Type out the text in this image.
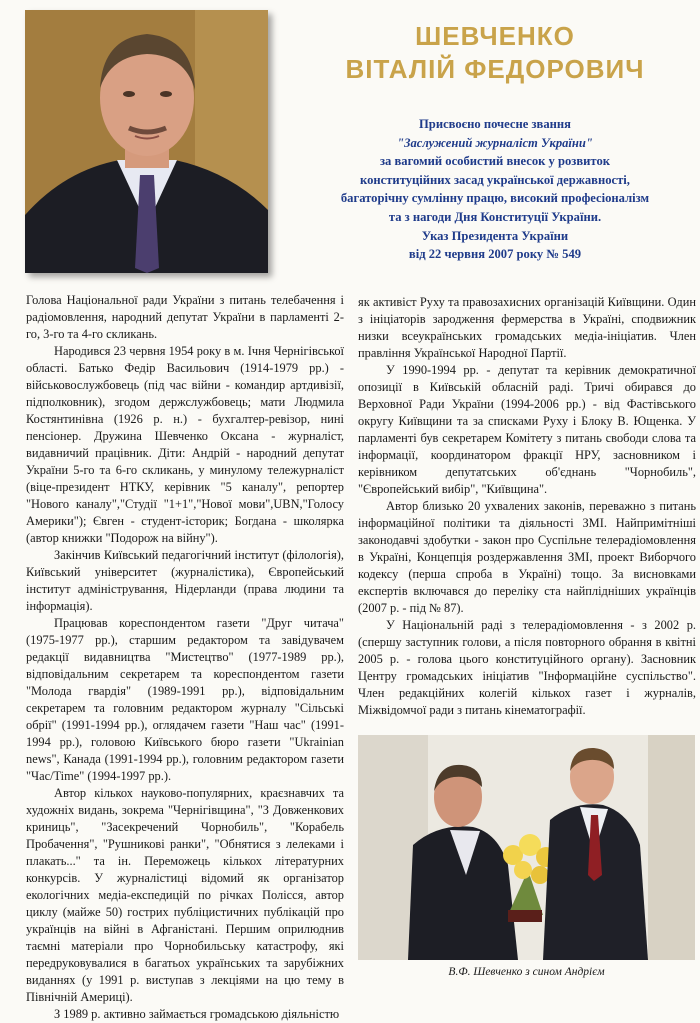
ШЕВЧЕНКО
ВІТАЛІЙ ФЕДОРОВИЧ
Присвоєно почесне звання
"Заслужений журналіст України"
за вагомий особистий внесок у розвиток
конституційних засад української державності,
багаторічну сумлінну працю, високий професіоналізм
та з нагоди Дня Конституції України.
Указ Президента України
від 22 червня 2007 року № 549

Голова Національної ради України з питань телебачення і радіомовлення, народний депутат України в парламенті 2-го, 3-го та 4-го скликань.

Народився 23 червня 1954 року в м. Ічня Чернігівської області. Батько Федір Васильович (1914-1979 рр.) - військовослужбовець (під час війни - командир артдивізії, підполковник), згодом держслужбовець; мати Людмила Костянтинівна (1926 р. н.) - бухгалтер-ревізор, нині пенсіонер. Дружина Шевченко Оксана - журналіст, видавничий працівник. Діти: Андрій - народний депутат України 5-го та 6-го скликань, у минулому тележурналіст (віце-президент НТКУ, керівник "5 каналу", репортер "Нового каналу","Студії "1+1","Нової мови",UBN,"Голосу Америки"); Євген - студент-історик; Богдана - школярка (автор книжки "Подорож на війну").

Закінчив Київський педагогічний інститут (філологія), Київський університет (журналістика), Європейський інститут адміністрування, Нідерланди (права людини та інформація).

Працював кореспондентом газети "Друг читача" (1975-1977 рр.), старшим редактором та завідувачем редакції видавництва "Мистецтво" (1977-1989 рр.), відповідальним секретарем та кореспондентом газети "Молода гвардія" (1989-1991 рр.), відповідальним секретарем та головним редактором журналу "Сільські обрії" (1991-1994 рр.), оглядачем газети "Наш час" (1991-1994 рр.), головою Київського бюро газети "Ukrainian news", Канада (1991-1994 рр.), головним редактором газети "Час/Time" (1994-1997 рр.).

Автор кількох науково-популярних, краєзнавчих та художніх видань, зокрема "Чернігівщина", "З Довженкових криниць", "Засекречений Чорнобиль", "Корабель Пробачення", "Рушникові ранки", "Обнятися з лелеками і плакать..." та ін. Переможець кількох літературних конкурсів. У журналістиці відомий як організатор екологічних медіа-експедицій по річках Полісся, автор циклу (майже 50) гострих публіцистичних публікацій про українців на війні в Афганістані. Першим оприлюднив таємні матеріали про Чорнобильську катастрофу, які передруковувалися в багатьох українських та зарубіжних виданнях (у 1991 р. виступав з лекціями на цю тему в Північній Америці).

З 1989 р. активно займається громадською діяльністю

як активіст Руху та правозахисних організацій Київщини. Один з ініціаторів зародження фермерства в Україні, сподвижник низки всеукраїнських громадських медіа-ініціатив. Член правління Української Народної Партії.

У 1990-1994 рр. - депутат та керівник демократичної опозиції в Київській обласній раді. Тричі обирався до Верховної Ради України (1994-2006 рр.) - від Фастівського округу Київщини та за списками Руху і Блоку В. Ющенка. У парламенті був секретарем Комітету з питань свободи слова та інформації, координатором фракції НРУ, засновником і керівником депутатських об'єднань "Чорнобиль", "Європейський вибір", "Київщина".

Автор близько 20 ухвалених законів, переважно з питань інформаційної політики та діяльності ЗМІ. Найпримітніші законодавчі здобутки - закон про Суспільне телерадіомовлення в Україні, Концепція роздержавлення ЗМІ, проект Виборчого кодексу (перша спроба в Україні) тощо. За висновками експертів включався до переліку ста найплідніших українців (2007 р. - під № 87).

У Національній раді з телерадіомовлення - з 2002 р. (спершу заступник голови, а після повторного обрання в квітні 2005 р. - голова цього конституційного органу). Засновник Центру громадських ініціатив "Інформаційне суспільство". Член редакційних колегій кількох газет і журналів, Міжвідомчої ради з питань кінематографії.

В.Ф. Шевченко з сином Андрієм
